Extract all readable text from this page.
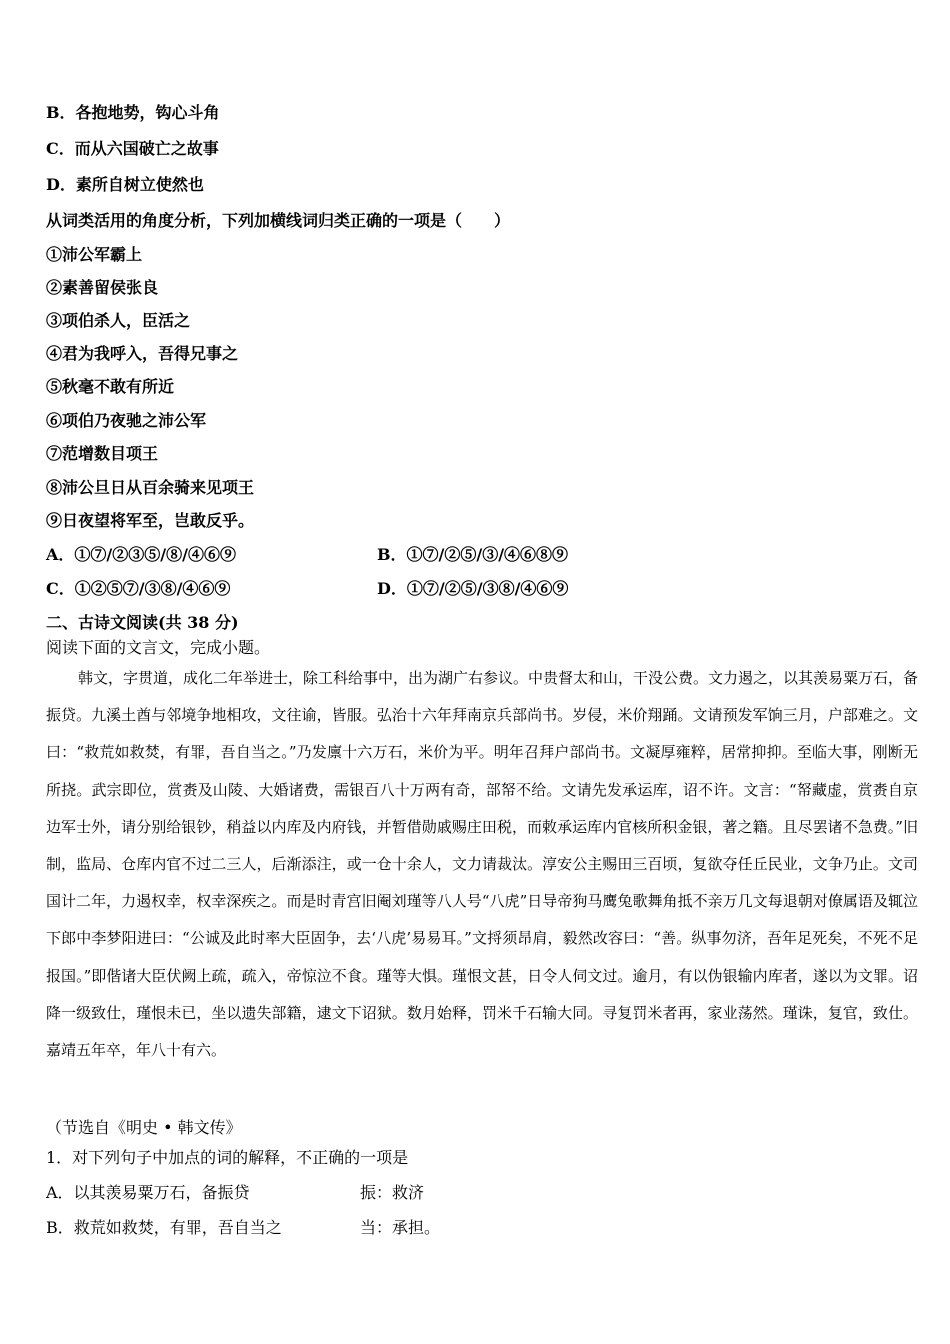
B．各抱地势，钩心斗角
C．而从六国破亡之故事
D．素所自树立使然也
从词类活用的角度分析，下列加横线词归类正确的一项是（　　）
①沛公军霸上
②素善留侯张良
③项伯杀人，臣活之
④君为我呼入，吾得兄事之
⑤秋毫不敢有所近
⑥项伯乃夜驰之沛公军
⑦范增数目项王
⑧沛公旦日从百余骑来见项王
⑨日夜望将军至，岂敢反乎。
A．①⑦/②③⑤/⑧/④⑥⑨	B．①⑦/②⑤/③/④⑥⑧⑨
C．①②⑤⑦/③⑧/④⑥⑨	D．①⑦/②⑤/③⑧/④⑥⑨
二、古诗文阅读(共 38 分)
阅读下面的文言文，完成小题。
韩文，字贯道，成化二年举进士，除工科给事中，出为湖广右参议。中贵督太和山，干没公费。文力遏之，以其羡易粟万石，备振贷。九溪土酋与邻境争地相攻，文往谕，皆服。弘治十六年拜南京兵部尚书。岁侵，米价翔踊。文请预发军饷三月，户部难之。文曰：“救荒如救焚，有罪，吾自当之。”乃发廪十六万石，米价为平。明年召拜户部尚书。文凝厚雍粹，居常抑抑。至临大事，刚断无所挠。武宗即位，赏赉及山陵、大婚诸费，需银百八十万两有奇，部帑不给。文请先发承运库，诏不许。文言：“帑藏虚，赏赉自京边军士外，请分别给银钞，稍益以内库及内府钱，并暂借勋戚赐庄田税，而敕承运库内官核所积金银，著之籍。且尽罢诸不急费。”旧制，监局、仓库内官不过二三人，后渐添注，或一仓十余人，文力请裁汰。淳安公主赐田三百顷，复欲夺任丘民业，文争乃止。文司国计二年，力遏权幸，权幸深疾之。而是时青宫旧阉刘瑾等八人号“八虎”日导帝狗马鹰兔歌舞角抵不亲万几文每退朝对僚属语及辄泣下郎中李梦阳进曰：“公诚及此时率大臣固争，去‘八虎’易易耳。”文捋须昂肩，毅然改容曰：“善。纵事勿济，吾年足死矣，不死不足报国。”即偕诸大臣伏阙上疏，疏入，帝惊泣不食。瑾等大惧。瑾恨文甚，日令人伺文过。逾月，有以伪银输内库者，遂以为文罪。诏降一级致仕，瑾恨未已，坐以遗失部籍，逮文下诏狱。数月始释，罚米千石输大同。寻复罚米者再，家业荡然。瑾诛，复官，致仕。嘉靖五年卒，年八十有六。
（节选自《明史 • 韩文传》
1．对下列句子中加点的词的解释，不正确的一项是
A．以其羡易粟万石，备振贷	振：救济
B．救荒如救焚，有罪，吾自当之	当：承担。
